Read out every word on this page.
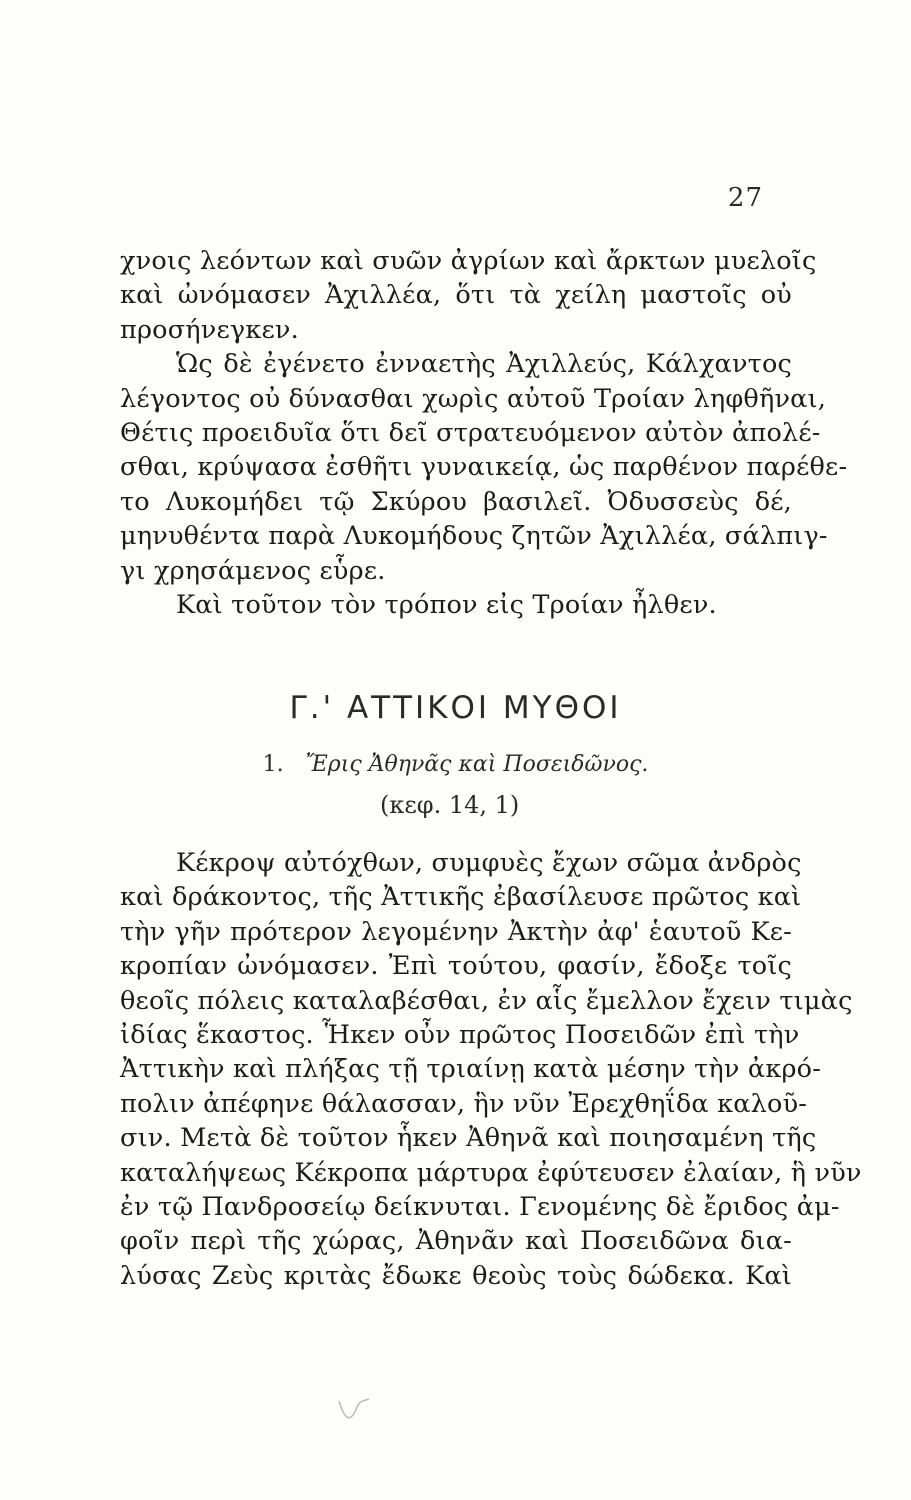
27
χνοις λεόντων καὶ συῶν ἀγρίων καὶ ἄρκτων μυελοῖς
καὶ ὠνόμασεν Ἀχιλλέα, ὅτι τὰ χείλη μαστοῖς οὐ
προσήνεγκεν.
Ὡς δὲ ἐγένετο ἐνναετὴς Ἀχιλλεύς, Κάλχαντος
λέγοντος οὐ δύνασθαι χωρὶς αὐτοῦ Τροίαν ληφθῆναι,
Θέτις προειδυῖα ὅτι δεῖ στρατευόμενον αὐτὸν ἀπολέ-
σθαι, κρύψασα ἐσθῆτι γυναικείᾳ, ὡς παρθένον παρέθε-
το Λυκομήδει τῷ Σκύρου βασιλεῖ. Ὀδυσσεὺς δέ,
μηνυθέντα παρὰ Λυκομήδους ζητῶν Ἀχιλλέα, σάλπιγ-
γι χρησάμενος εὗρε.
Καὶ τοῦτον τὸν τρόπον εἰς Τροίαν ἦλθεν.
Γ.' ΑΤΤΙΚΟΙ ΜΥΘΟΙ
1. Ἔρις Ἀθηνᾶς καὶ Ποσειδῶνος.
(κεφ. 14, 1)
Κέκροψ αὐτόχθων, συμφυὲς ἔχων σῶμα ἀνδρὸς
καὶ δράκοντος, τῆς Ἀττικῆς ἐβασίλευσε πρῶτος καὶ
τὴν γῆν πρότερον λεγομένην Ἀκτὴν ἀφ' ἑαυτοῦ Κε-
κροπίαν ὠνόμασεν. Ἐπὶ τούτου, φασίν, ἔδοξε τοῖς
θεοῖς πόλεις καταλαβέσθαι, ἐν αἷς ἔμελλον ἔχειν τιμὰς
ἰδίας ἕκαστος. Ἧκεν οὖν πρῶτος Ποσειδῶν ἐπὶ τὴν
Ἀττικὴν καὶ πλήξας τῇ τριαίνῃ κατὰ μέσην τὴν ἀκρό-
πολιν ἀπέφηνε θάλασσαν, ἣν νῦν Ἐρεχθηΐδα καλοῦ-
σιν. Μετὰ δὲ τοῦτον ἧκεν Ἀθηνᾶ καὶ ποιησαμένη τῆς
καταλήψεως Κέκροπα μάρτυρα ἐφύτευσεν ἐλαίαν, ἣ νῦν
ἐν τῷ Πανδροσείῳ δείκνυται. Γενομένης δὲ ἔριδος ἀμ-
φοῖν περὶ τῆς χώρας, Ἀθηνᾶν καὶ Ποσειδῶνα δια-
λύσας Ζεὺς κριτὰς ἔδωκε θεοὺς τοὺς δώδεκα. Καὶ
